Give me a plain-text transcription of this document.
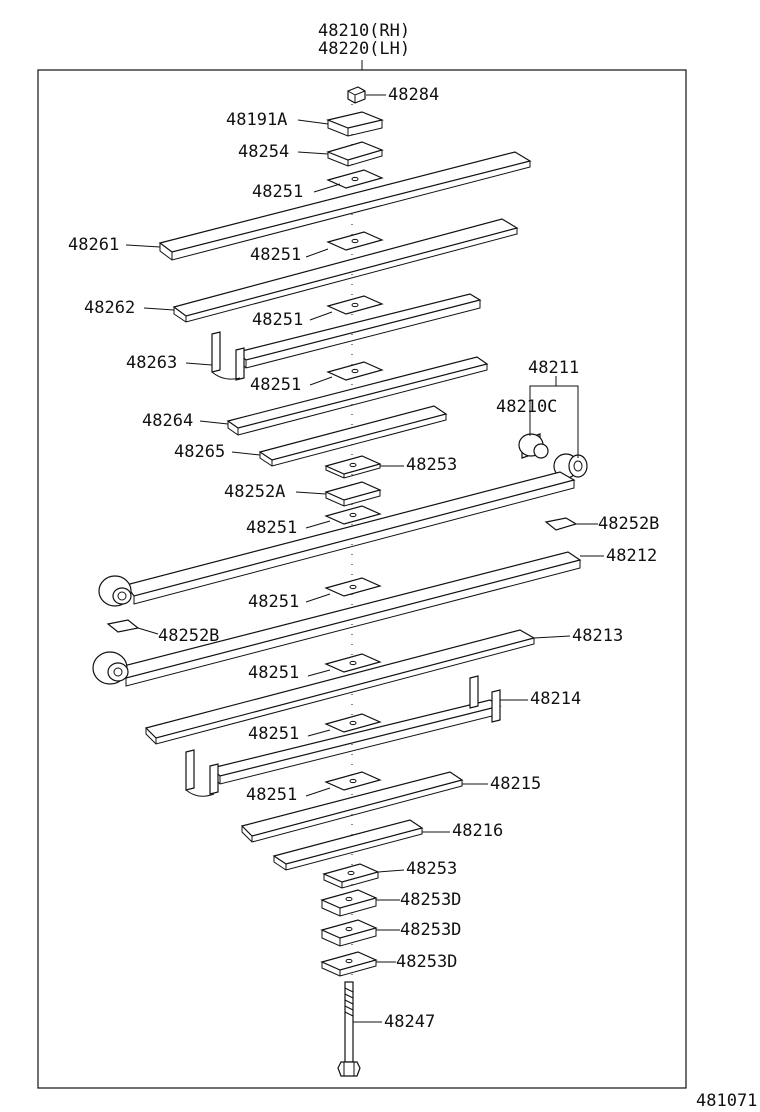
48210(RH)
48220(LH)
48284
48191A
48254
48251
48261	48251
48262
48251
48263
48251
48264
48265
48211
48210C
48253
48252A
48251	48252B
48251
48212
48252B	48213
48251
48214
48251
48251
48215
48216
48253
48253D
48253D
48253D
48247
481071
